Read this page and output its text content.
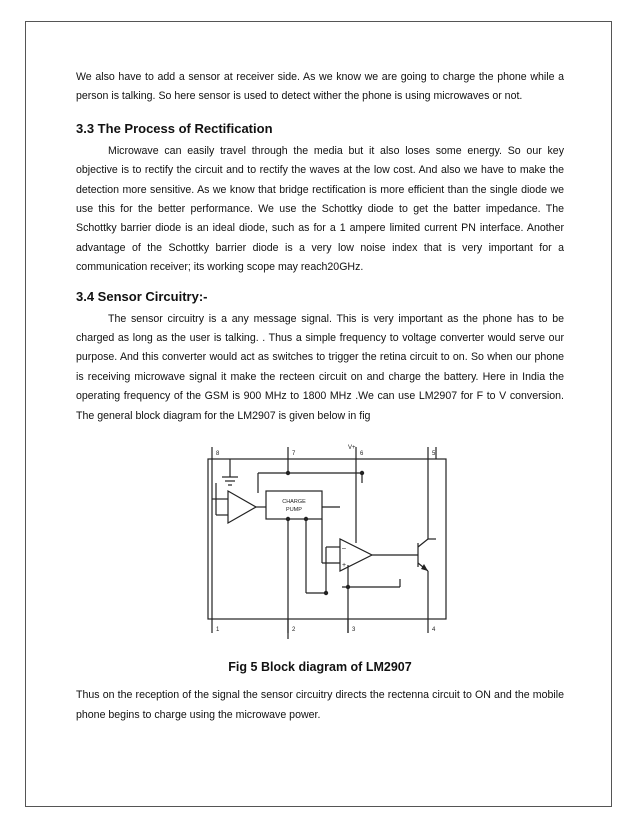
We also have to add a sensor at receiver side. As we know we are going to charge the phone while a person is talking. So here sensor is used to detect wither the phone is using microwaves or not.

3.3 The Process of Rectification

Microwave can easily travel through the media but it also loses some energy. So our key objective is to rectify the circuit and to rectify the waves at the low cost. And also we have to make the detection more sensitive. As we know that bridge rectification is more efficient than the single diode we use this for the better performance. We use the Schottky diode to get the batter impedance. The Schottky barrier diode is an ideal diode, such as for a 1 ampere limited current PN interface. Another advantage of the Schottky barrier diode is a very low noise index that is very important for a communication receiver; its working scope may reach20GHz.

3.4 Sensor Circuitry:-

The sensor circuitry is a any message signal. This is very important as the phone has to be charged as long as the user is talking. . Thus a simple frequency to voltage converter would serve our purpose. And this converter would act as switches to trigger the retina circuit to on. So when our phone is receiving microwave signal it make the recteen circuit on and charge the battery. Here in India the operating frequency of the GSM is 900 MHz to 1800 MHz .We can use LM2907 for F to V conversion. The general block diagram for the LM2907 is given below in fig

8	7
V+
6	5
1	2	3	4
CHARGE
PUMP
–
+
Fig 5 Block diagram of LM2907

Thus on the reception of the signal the sensor circuitry directs the rectenna circuit to ON and the mobile phone begins to charge using the microwave power.
